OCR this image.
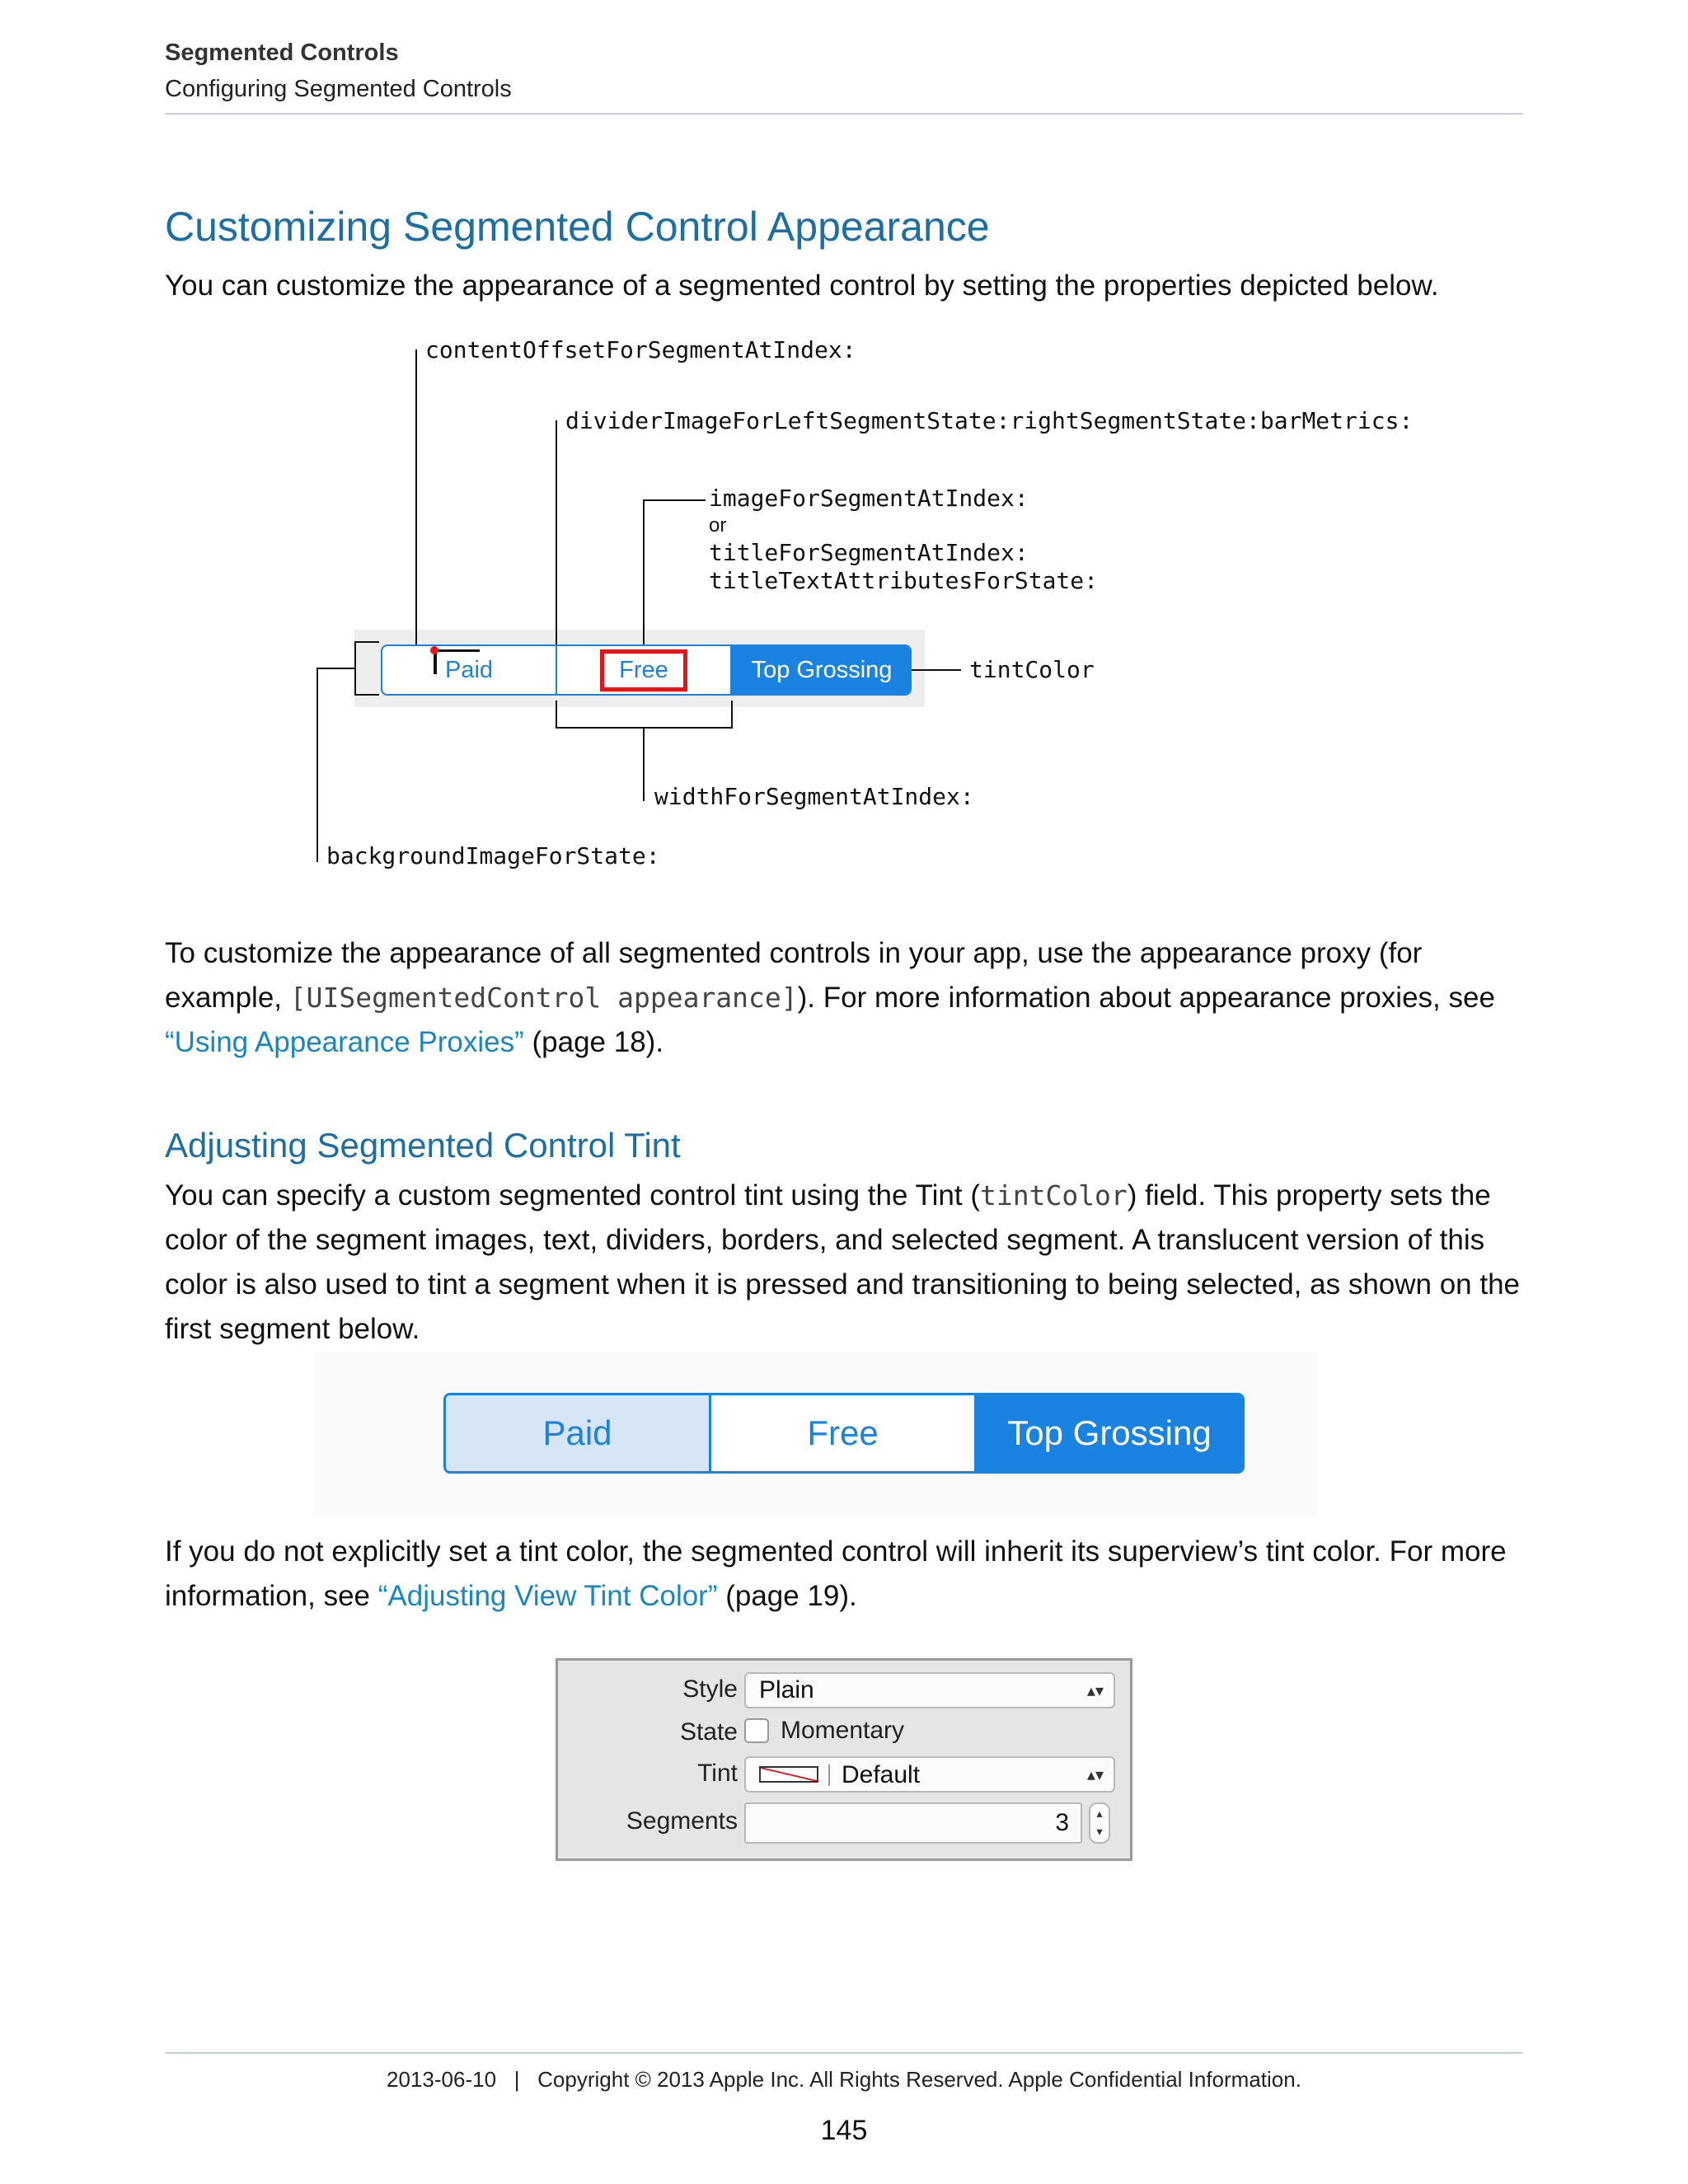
Segmented Controls
Configuring Segmented Controls
Customizing Segmented Control Appearance
You can customize the appearance of a segmented control by setting the properties depicted below.
contentOffsetForSegmentAtIndex:
dividerImageForLeftSegmentState:rightSegmentState:barMetrics:
imageForSegmentAtIndex:
or
titleForSegmentAtIndex:
titleTextAttributesForState:
tintColor
widthForSegmentAtIndex:
backgroundImageForState:
Paid	Free	Top Grossing
To customize the appearance of all segmented controls in your app, use the appearance proxy (for example, [UISegmentedControl appearance]). For more information about appearance proxies, see “Using Appearance Proxies” (page 18).
Adjusting Segmented Control Tint
You can specify a custom segmented control tint using the Tint (tintColor) field. This property sets the color of the segment images, text, dividers, borders, and selected segment. A translucent version of this color is also used to tint a segment when it is pressed and transitioning to being selected, as shown on the first segment below.
Paid	Free	Top Grossing
If you do not explicitly set a tint color, the segmented control will inherit its superview’s tint color. For more information, see “Adjusting View Tint Color” (page 19).
Style Plain	▴▾
State Momentary
Tint	Default	▴▾
Segments	3	▴
▾
2013-06-10   |   Copyright © 2013 Apple Inc. All Rights Reserved. Apple Confidential Information.
145
